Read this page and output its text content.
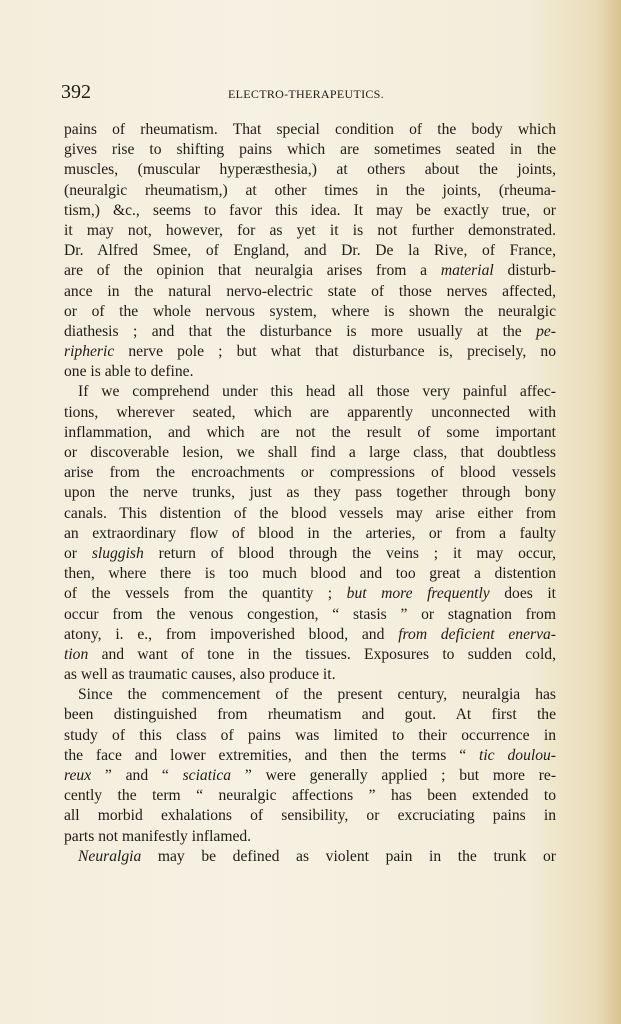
392	ELECTRO-THERAPEUTICS.
pains of rheumatism. That special condition of the body which
gives rise to shifting pains which are sometimes seated in the
muscles, (muscular hyperæsthesia,) at others about the joints,
(neuralgic rheumatism,) at other times in the joints, (rheuma-
tism,) &c., seems to favor this idea. It may be exactly true, or
it may not, however, for as yet it is not further demonstrated.
Dr. Alfred Smee, of England, and Dr. De la Rive, of France,
are of the opinion that neuralgia arises from a material disturb-
ance in the natural nervo-electric state of those nerves affected,
or of the whole nervous system, where is shown the neuralgic
diathesis ; and that the disturbance is more usually at the pe-
ripheric nerve pole ; but what that disturbance is, precisely, no
one is able to define.
If we comprehend under this head all those very painful affec-
tions, wherever seated, which are apparently unconnected with
inflammation, and which are not the result of some important
or discoverable lesion, we shall find a large class, that doubtless
arise from the encroachments or compressions of blood vessels
upon the nerve trunks, just as they pass together through bony
canals. This distention of the blood vessels may arise either from
an extraordinary flow of blood in the arteries, or from a faulty
or sluggish return of blood through the veins ; it may occur,
then, where there is too much blood and too great a distention
of the vessels from the quantity ; but more frequently does it
occur from the venous congestion, “ stasis ” or stagnation from
atony, i. e., from impoverished blood, and from deficient enerva-
tion and want of tone in the tissues. Exposures to sudden cold,
as well as traumatic causes, also produce it.
Since the commencement of the present century, neuralgia has
been distinguished from rheumatism and gout. At first the
study of this class of pains was limited to their occurrence in
the face and lower extremities, and then the terms “ tic doulou-
reux ” and “ sciatica ” were generally applied ; but more re-
cently the term “ neuralgic affections ” has been extended to
all morbid exhalations of sensibility, or excruciating pains in
parts not manifestly inflamed.
Neuralgia may be defined as violent pain in the trunk or
